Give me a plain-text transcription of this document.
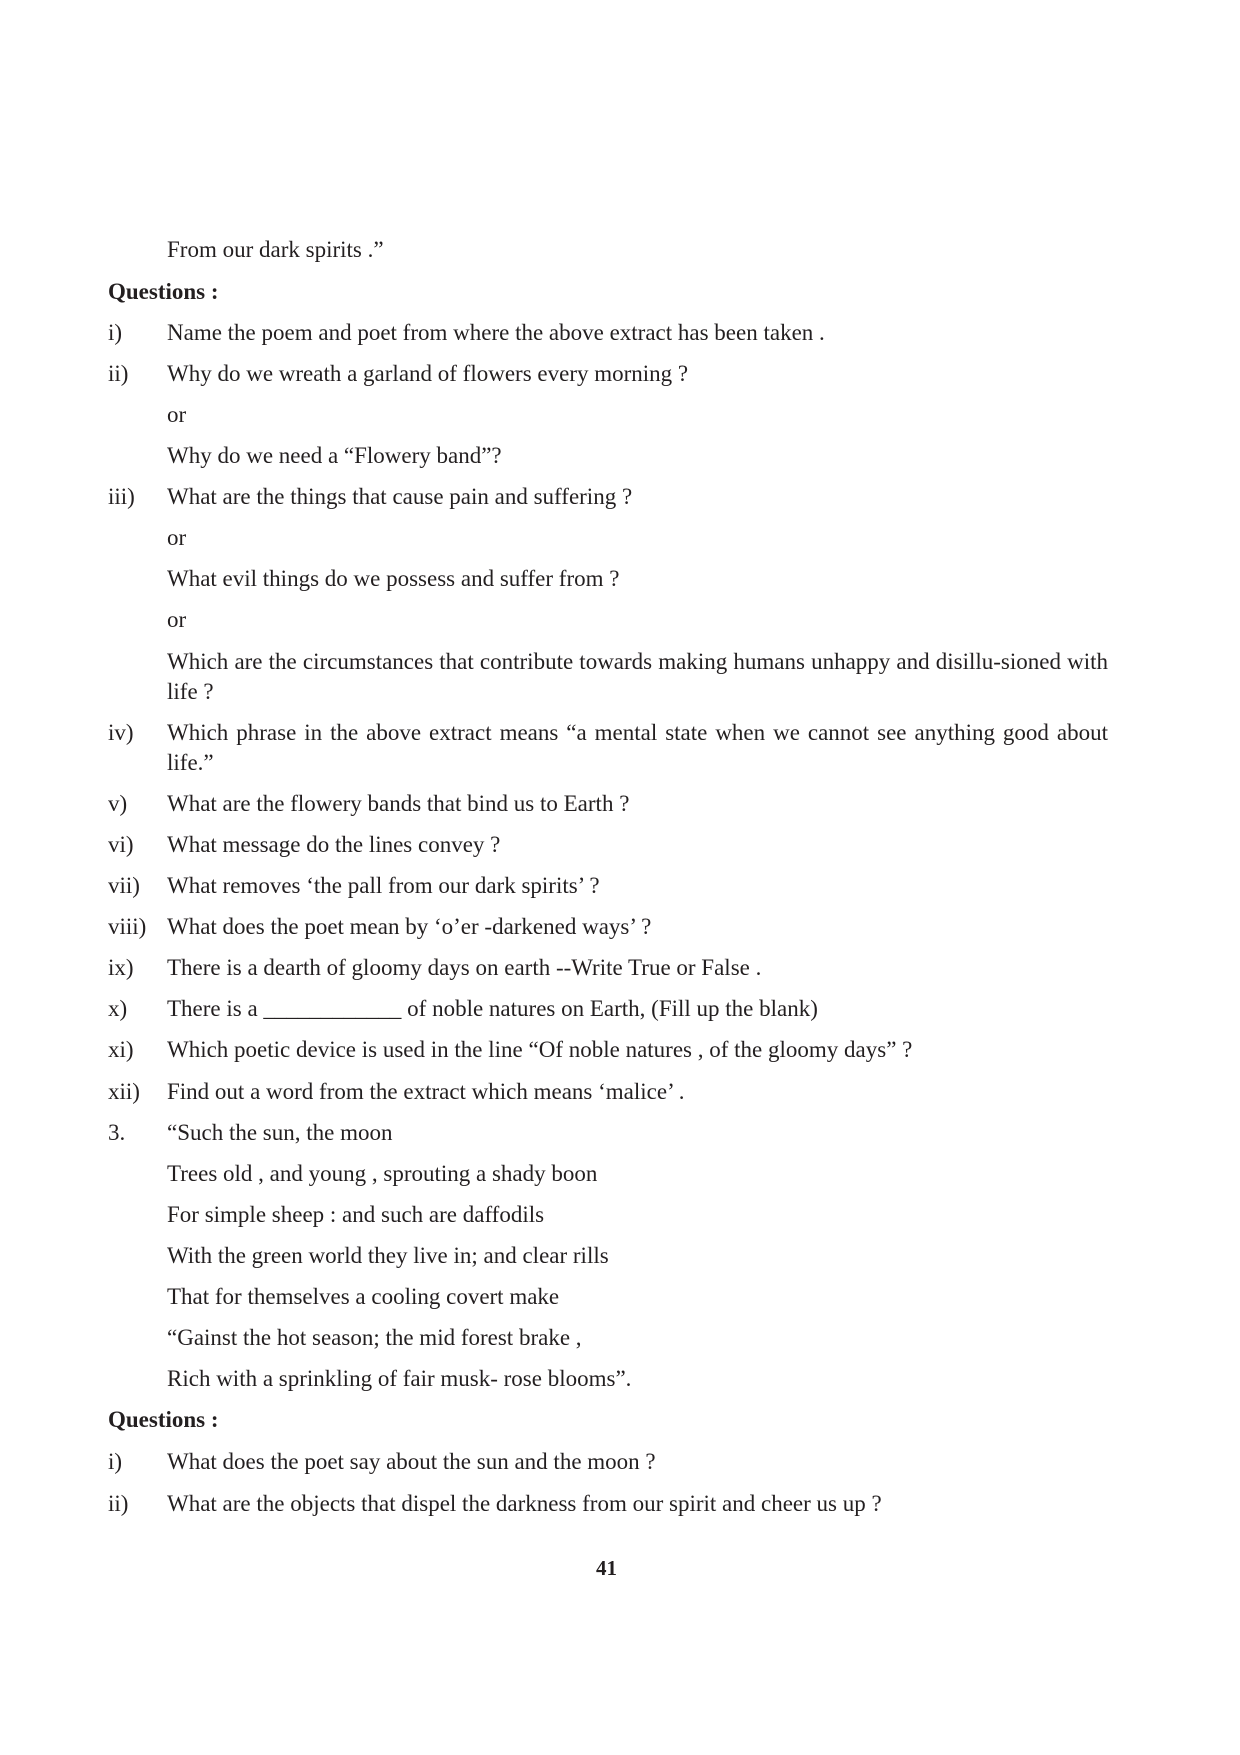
From our dark spirits .”
Questions :
i) Name the poem and poet from where the above extract has been taken .
ii) Why do we wreath a garland of flowers every morning ?
or
Why do we need a “Flowery band”?
iii) What are the things that cause pain and suffering ?
or
What evil things do we possess and suffer from ?
or
Which are the circumstances that contribute towards making humans unhappy and disillu-sioned with life ?
iv) Which phrase in the above extract means “a mental state when we cannot see anything good about life.”
v) What are the flowery bands that bind us to Earth ?
vi) What message do the lines convey ?
vii) What removes ‘the pall from our dark spirits’ ?
viii) What does the poet mean by ‘o’er -darkened ways’ ?
ix) There is a dearth of gloomy days on earth --Write True or False .
x) There is a ____________ of noble natures on Earth, (Fill up the blank)
xi) Which poetic device is used in the line “Of noble natures , of the gloomy days” ?
xii) Find out a word from the extract which means ‘malice’ .
3. “Such the sun, the moon
Trees old , and young , sprouting a shady boon
For simple sheep : and such are daffodils
With the green world they live in; and clear rills
That for themselves a cooling covert make
“Gainst the hot season; the mid forest brake ,
Rich with a sprinkling of fair musk- rose blooms”.
Questions :
i) What does the poet say about the sun and the moon ?
ii) What are the objects that dispel the darkness from our spirit and cheer us up ?
41
